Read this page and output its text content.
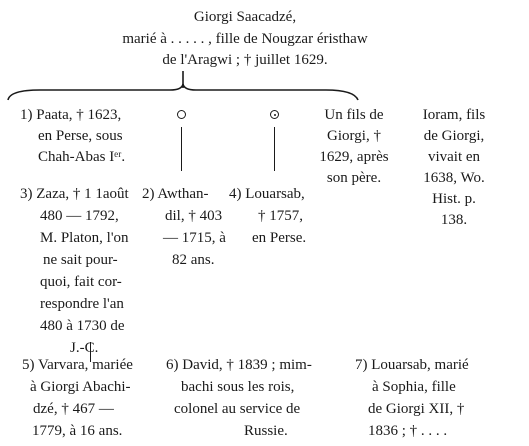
Giorgi Saacadzé,
marié à . . . . . , fille de Nougzar éristhaw
de l'Aragwi ; † juillet 1629.
1) Paata, † 1623,
en Perse, sous
Chah-Abas Iᵉʳ.
Un fils de
Giorgi, †
1629, après
son père.
Ioram, fils
de Giorgi,
vivait en
1638, Wo.
Hist. p.
138.
3) Zaza, † 1 1août
480 — 1792,
M. Platon, l'on
ne sait pour-
quoi, fait cor-
respondre l'an
480 à 1730 de
J.-C.
2) Awthan-
dil, † 403
— 1715, à
82 ans.
4) Louarsab,
† 1757,
en Perse.
5) Varvara, mariée
à Giorgi Abachi-
dzé, † 467 —
1779, à 16 ans.
6) David, † 1839 ; mim-
bachi sous les rois,
colonel au service de
Russie.
7) Louarsab, marié
à Sophia, fille
de Giorgi XII, †
1836 ; † . . . .
